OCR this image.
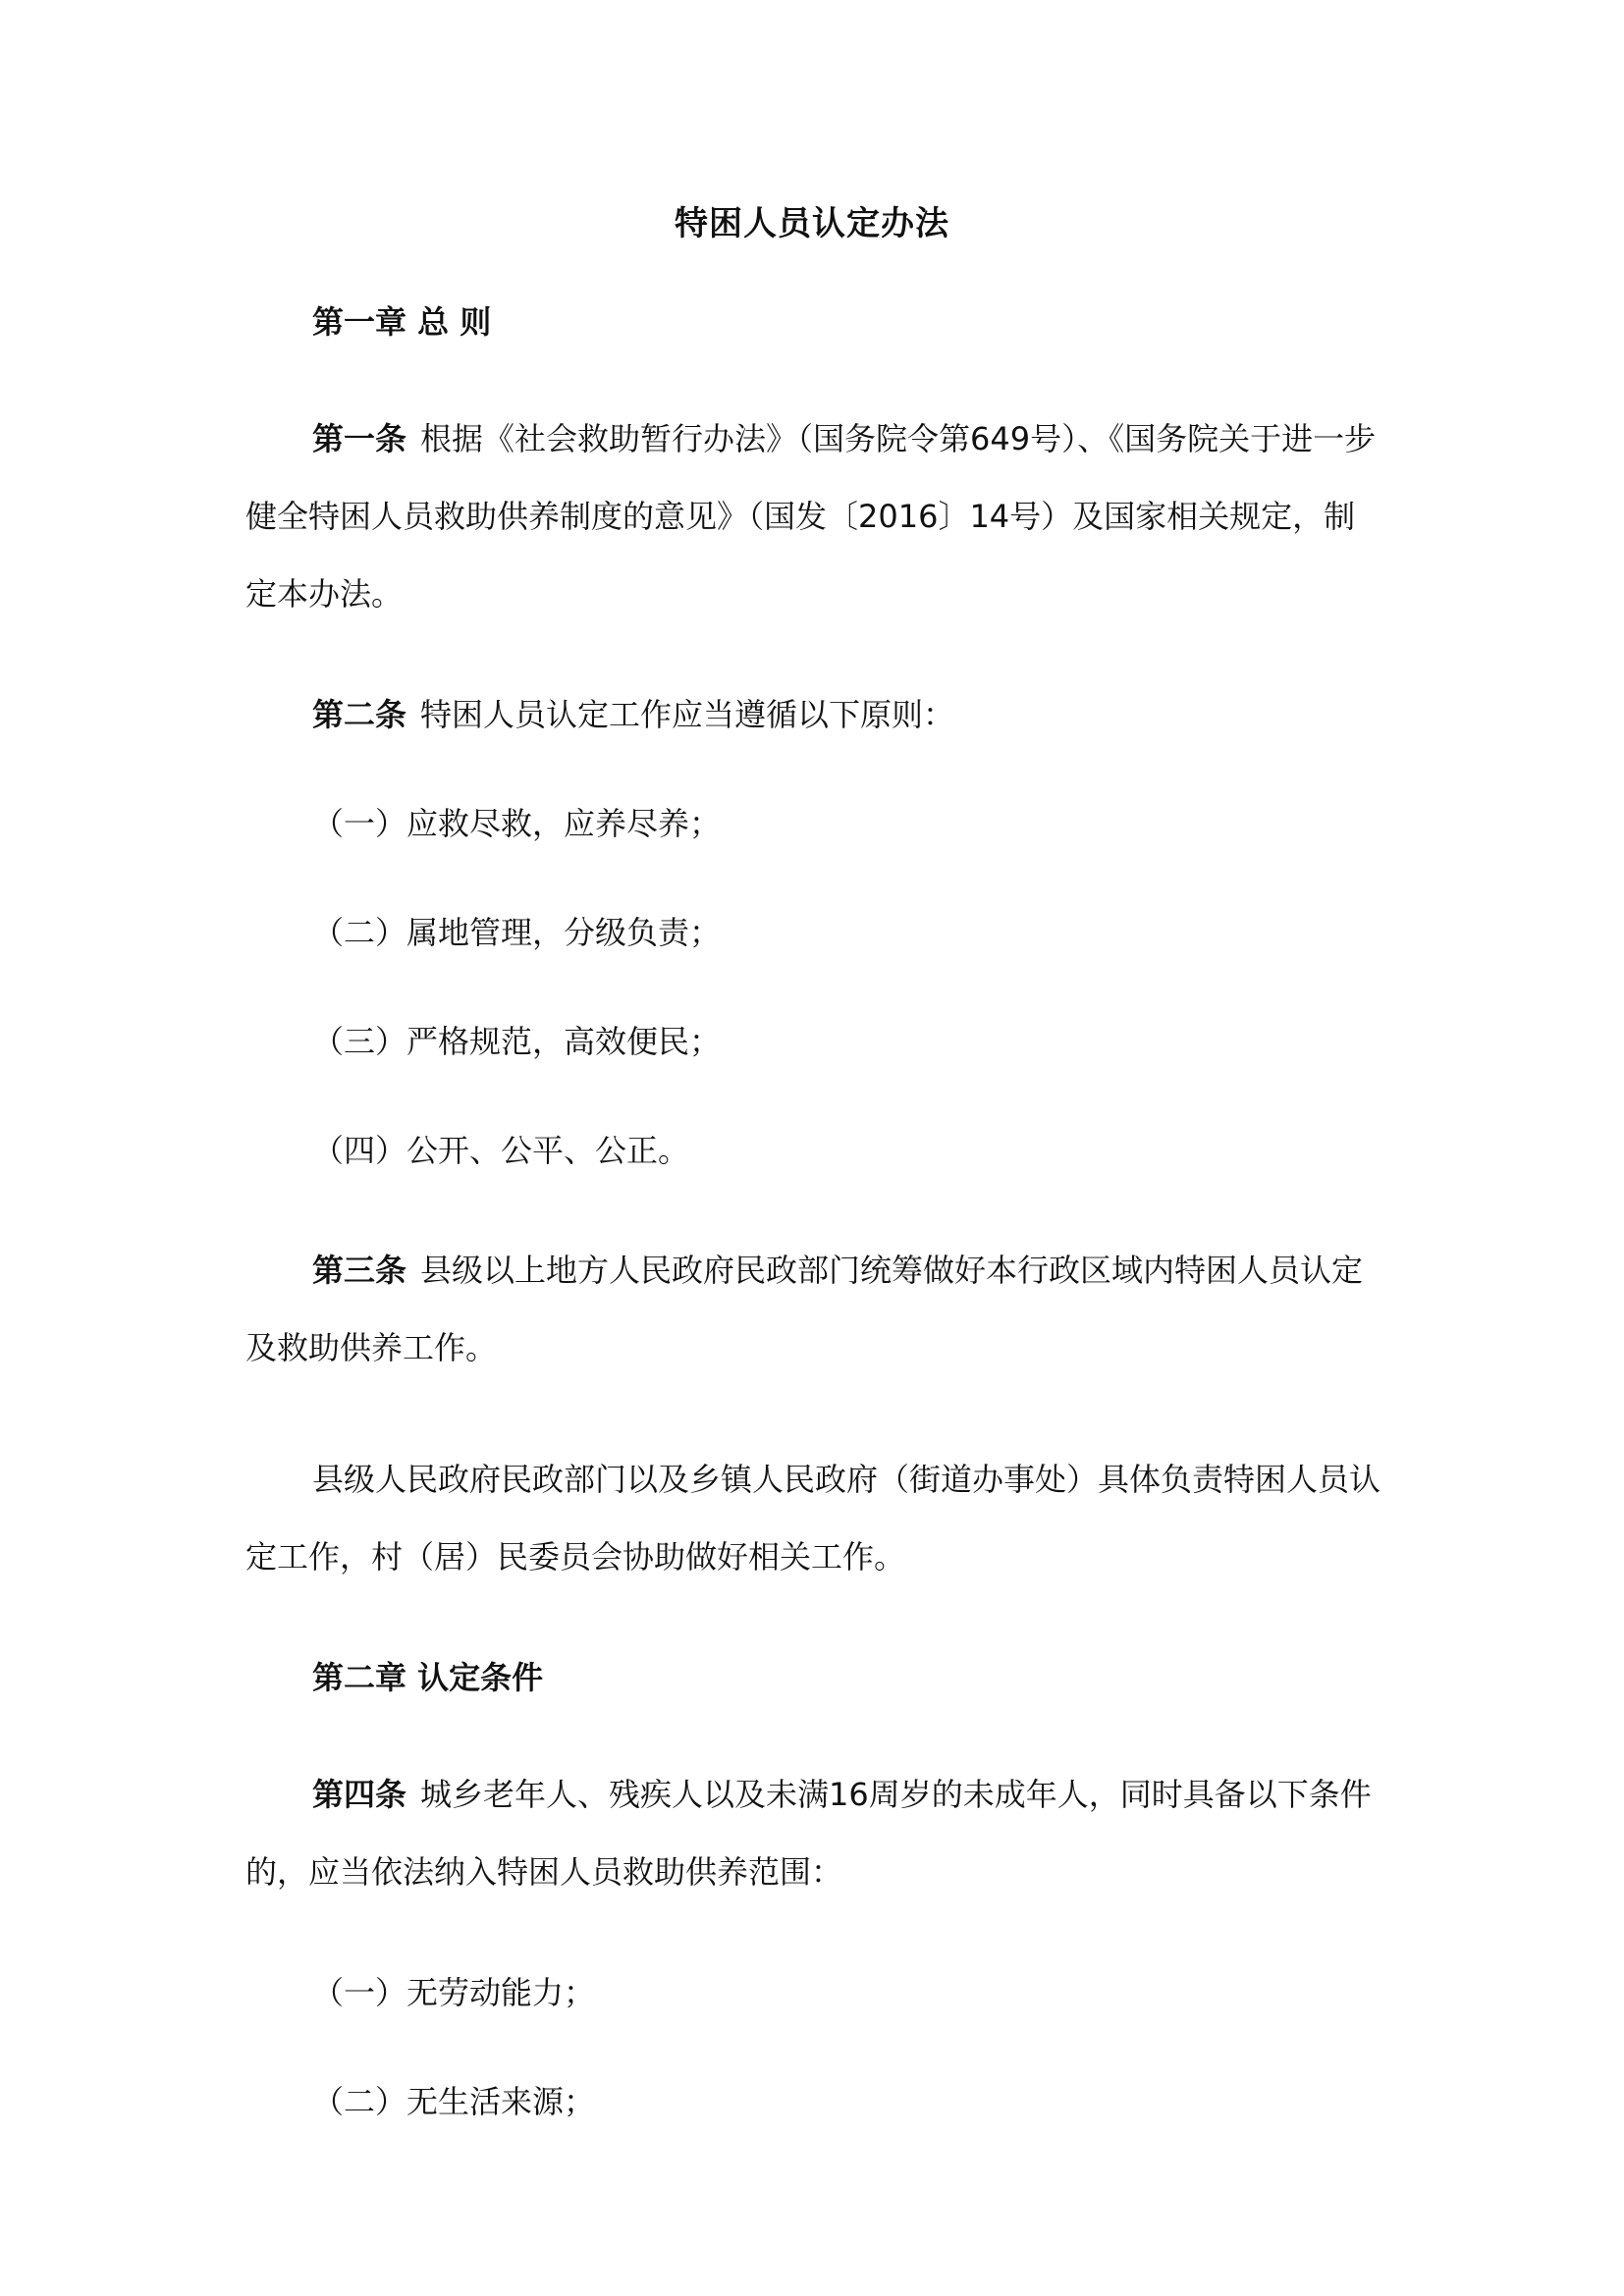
特困人员认定办法

第一章 总 则

第一条 根据《社会救助暂行办法》（国务院令第649号）、《国务院关于进一步健全特困人员救助供养制度的意见》（国发〔2016〕14号）及国家相关规定，制定本办法。

第二条 特困人员认定工作应当遵循以下原则：

（一）应救尽救，应养尽养；

（二）属地管理，分级负责；

（三）严格规范，高效便民；

（四）公开、公平、公正。

第三条 县级以上地方人民政府民政部门统筹做好本行政区域内特困人员认定及救助供养工作。

县级人民政府民政部门以及乡镇人民政府（街道办事处）具体负责特困人员认定工作，村（居）民委员会协助做好相关工作。

第二章 认定条件

第四条 城乡老年人、残疾人以及未满16周岁的未成年人，同时具备以下条件的，应当依法纳入特困人员救助供养范围：

（一）无劳动能力；

（二）无生活来源；
